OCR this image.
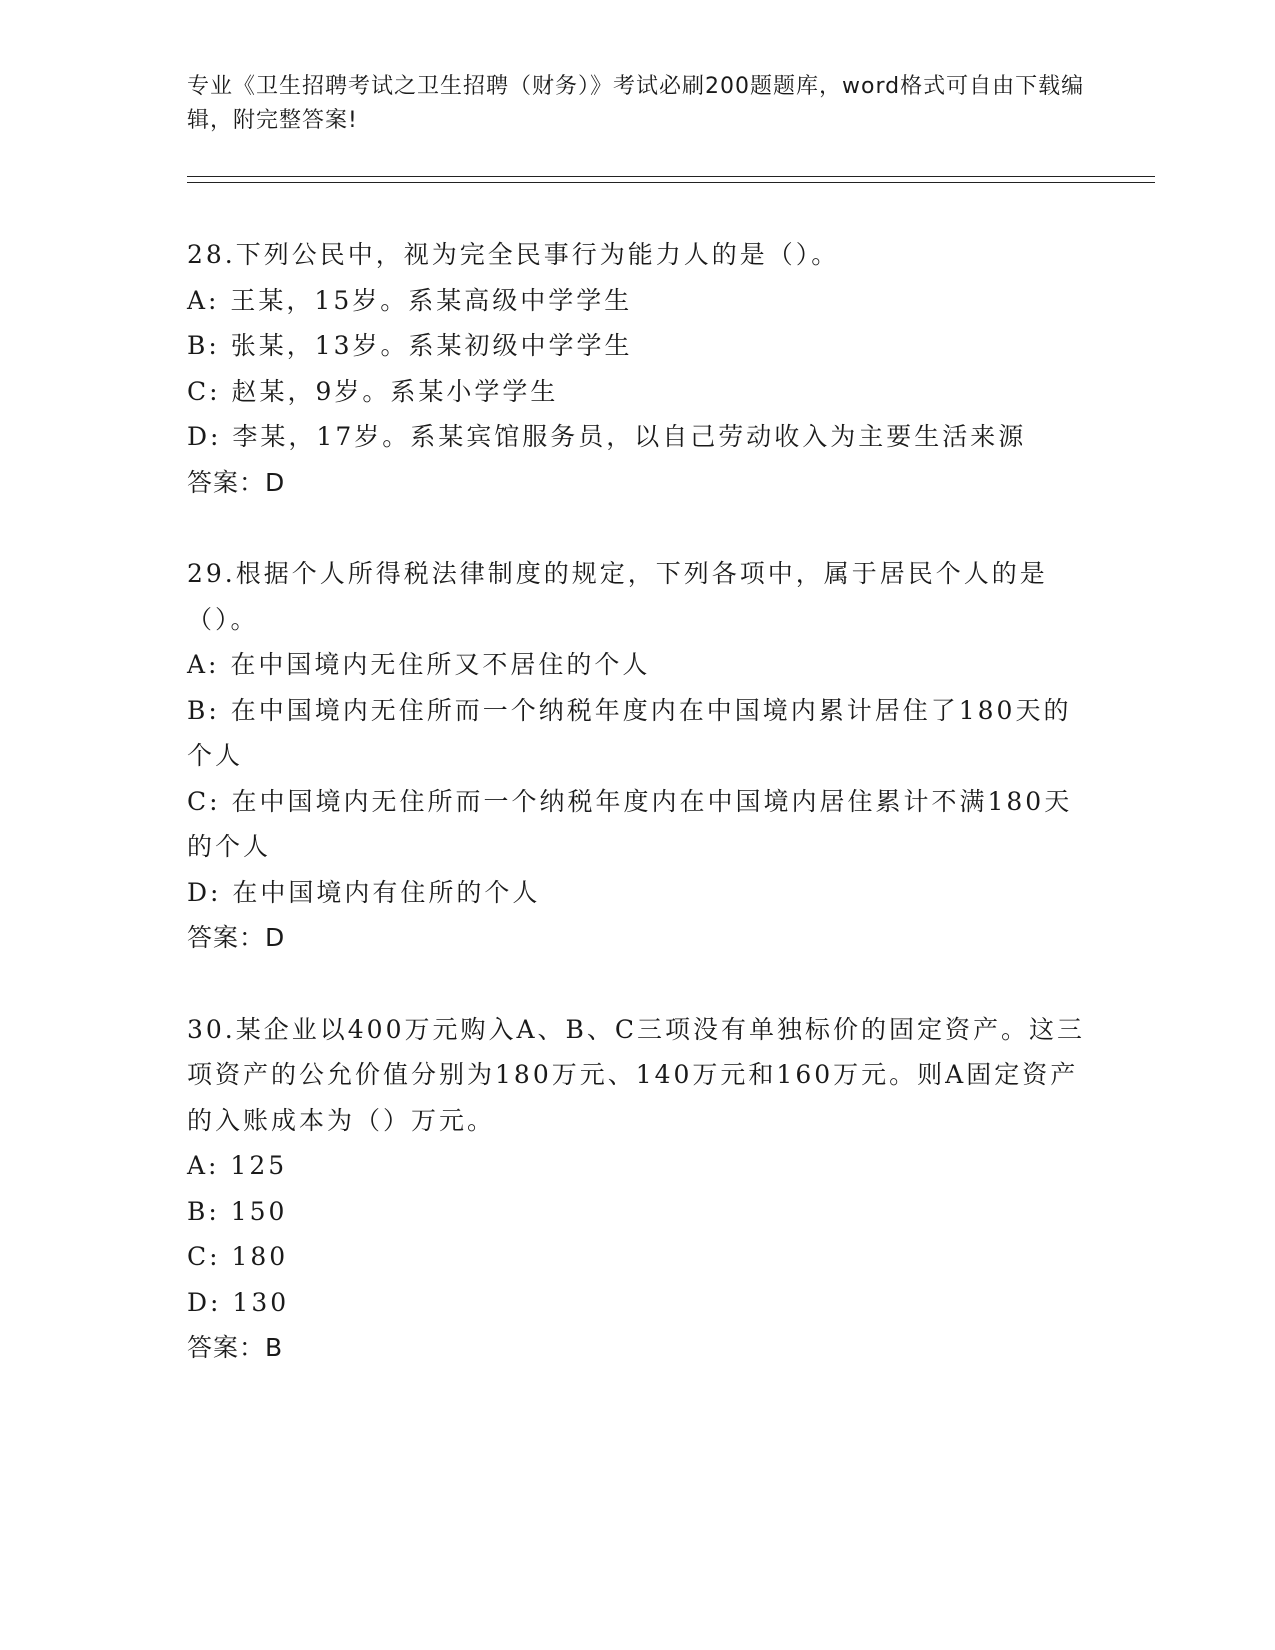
专业《卫生招聘考试之卫生招聘（财务）》考试必刷200题题库，word格式可自由下载编辑，附完整答案!

28.下列公民中，视为完全民事行为能力人的是（）。

A: 王某，15岁。系某高级中学学生

B: 张某，13岁。系某初级中学学生

C: 赵某，9岁。系某小学学生

D: 李某，17岁。系某宾馆服务员，以自己劳动收入为主要生活来源

答案：D

29.根据个人所得税法律制度的规定，下列各项中，属于居民个人的是（）。

A: 在中国境内无住所又不居住的个人

B: 在中国境内无住所而一个纳税年度内在中国境内累计居住了180天的个人

C: 在中国境内无住所而一个纳税年度内在中国境内居住累计不满180天的个人

D: 在中国境内有住所的个人

答案：D

30.某企业以400万元购入A、B、C三项没有单独标价的固定资产。这三项资产的公允价值分别为180万元、140万元和160万元。则A固定资产的入账成本为（）万元。

A: 125

B: 150

C: 180

D: 130

答案：B
